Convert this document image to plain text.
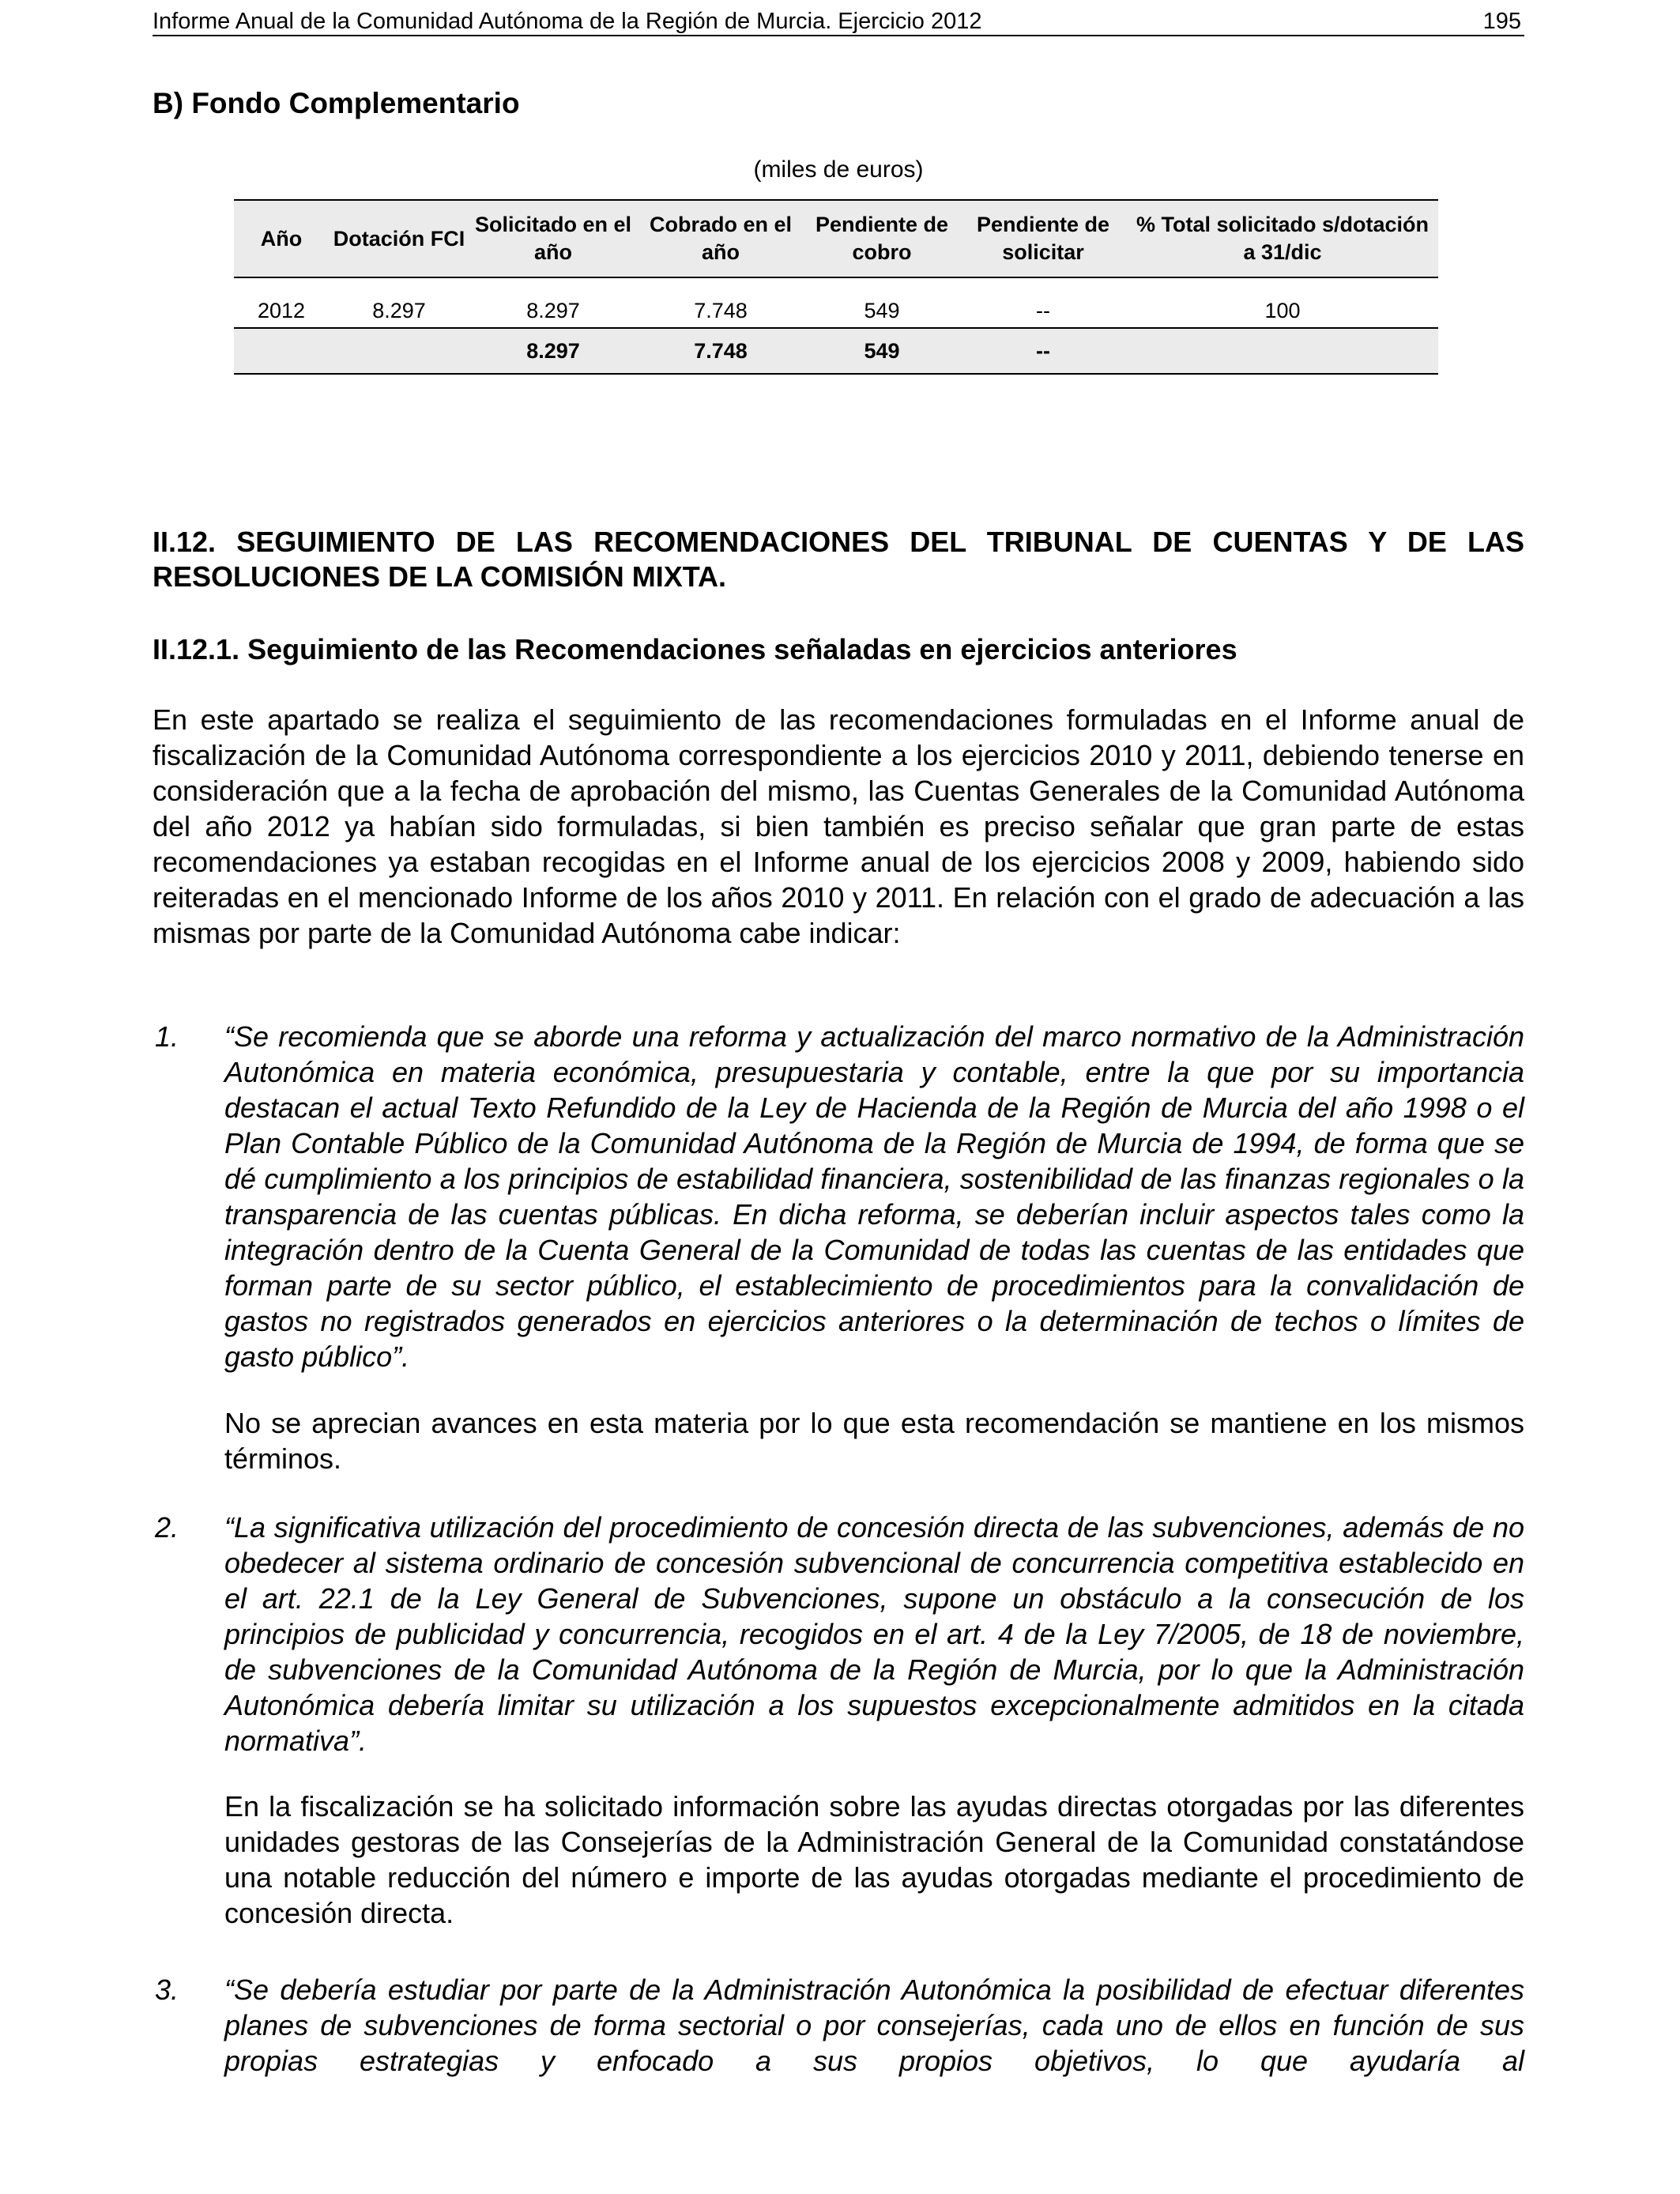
Informe Anual de la Comunidad Autónoma de la Región de Murcia. Ejercicio 2012	195
B) Fondo Complementario
(miles de euros)
Año	Dotación FCI	Solicitado en el año	Cobrado en el año	Pendiente de cobro	Pendiente de solicitar	% Total solicitado s/dotación a 31/dic

2012	8.297	8.297	7.748	549	--	100
		8.297	7.748	549	--	
II.12. SEGUIMIENTO DE LAS RECOMENDACIONES DEL TRIBUNAL DE CUENTAS Y DE LAS RESOLUCIONES DE LA COMISIÓN MIXTA.
II.12.1. Seguimiento de las Recomendaciones señaladas en ejercicios anteriores
En este apartado se realiza el seguimiento de las recomendaciones formuladas en el Informe anual de fiscalización de la Comunidad Autónoma correspondiente a los ejercicios 2010 y 2011, debiendo tenerse en consideración que a la fecha de aprobación del mismo, las Cuentas Generales de la Comunidad Autónoma del año 2012 ya habían sido formuladas, si bien también es preciso señalar que gran parte de estas recomendaciones ya estaban recogidas en el Informe anual de los ejercicios 2008 y 2009, habiendo sido reiteradas en el mencionado Informe de los años 2010 y 2011. En relación con el grado de adecuación a las mismas por parte de la Comunidad Autónoma cabe indicar:
1. “Se recomienda que se aborde una reforma y actualización del marco normativo de la Administración Autonómica en materia económica, presupuestaria y contable, entre la que por su importancia destacan el actual Texto Refundido de la Ley de Hacienda de la Región de Murcia del año 1998 o el Plan Contable Público de la Comunidad Autónoma de la Región de Murcia de 1994, de forma que se dé cumplimiento a los principios de estabilidad financiera, sostenibilidad de las finanzas regionales o la transparencia de las cuentas públicas. En dicha reforma, se deberían incluir aspectos tales como la integración dentro de la Cuenta General de la Comunidad de todas las cuentas de las entidades que forman parte de su sector público, el establecimiento de procedimientos para la convalidación de gastos no registrados generados en ejercicios anteriores o la determinación de techos o límites de gasto público”.
No se aprecian avances en esta materia por lo que esta recomendación se mantiene en los mismos términos.
2. “La significativa utilización del procedimiento de concesión directa de las subvenciones, además de no obedecer al sistema ordinario de concesión subvencional de concurrencia competitiva establecido en el art. 22.1 de la Ley General de Subvenciones, supone un obstáculo a la consecución de los principios de publicidad y concurrencia, recogidos en el art. 4 de la Ley 7/2005, de 18 de noviembre, de subvenciones de la Comunidad Autónoma de la Región de Murcia, por lo que la Administración Autonómica debería limitar su utilización a los supuestos excepcionalmente admitidos en la citada normativa”.
En la fiscalización se ha solicitado información sobre las ayudas directas otorgadas por las diferentes unidades gestoras de las Consejerías de la Administración General de la Comunidad constatándose una notable reducción del número e importe de las ayudas otorgadas mediante el procedimiento de concesión directa.
3. “Se debería estudiar por parte de la Administración Autonómica la posibilidad de efectuar diferentes planes de subvenciones de forma sectorial o por consejerías, cada uno de ellos en función de sus propias estrategias y enfocado a sus propios objetivos, lo que ayudaría al
